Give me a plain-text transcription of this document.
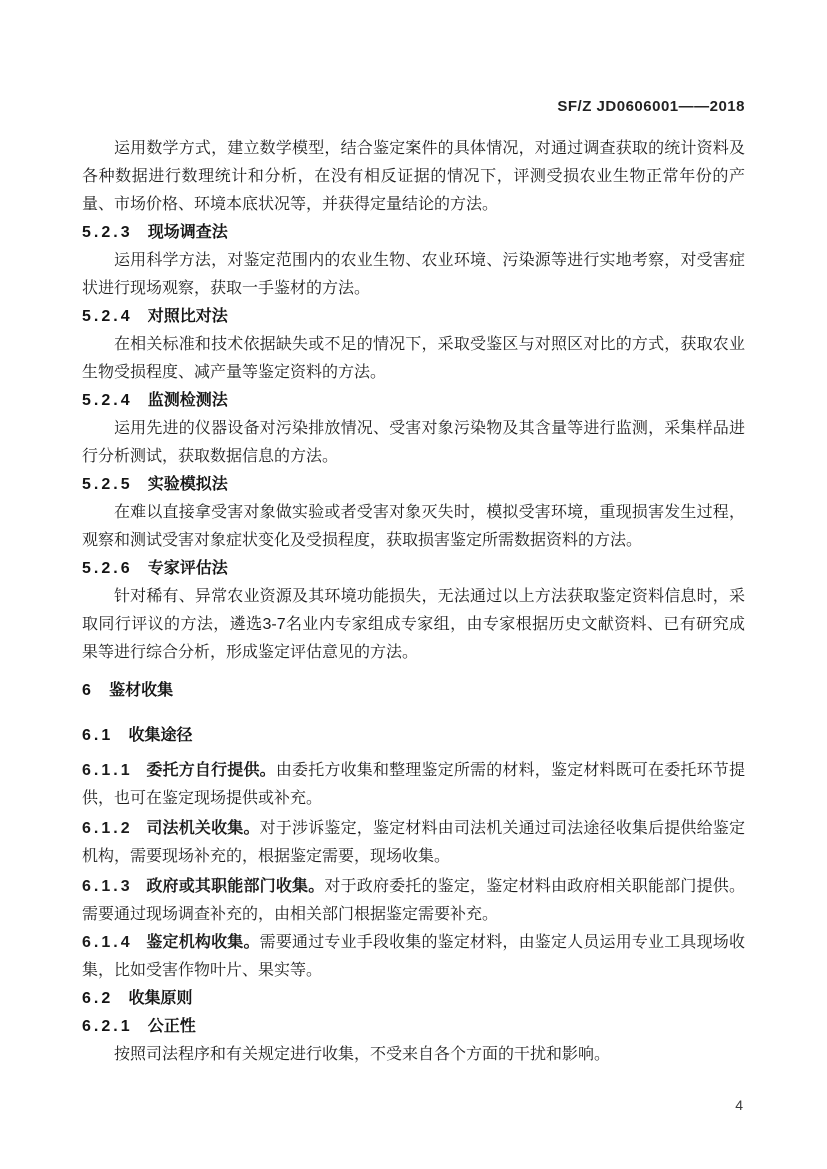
SF/Z JD0606001——2018

运用数学方式，建立数学模型，结合鉴定案件的具体情况，对通过调查获取的统计资料及各种数据进行数理统计和分析，在没有相反证据的情况下，评测受损农业生物正常年份的产量、市场价格、环境本底状况等，并获得定量结论的方法。

5.2.3 现场调查法

运用科学方法，对鉴定范围内的农业生物、农业环境、污染源等进行实地考察，对受害症状进行现场观察，获取一手鉴材的方法。

5.2.4 对照比对法

在相关标准和技术依据缺失或不足的情况下，采取受鉴区与对照区对比的方式，获取农业生物受损程度、减产量等鉴定资料的方法。

5.2.4 监测检测法

运用先进的仪器设备对污染排放情况、受害对象污染物及其含量等进行监测，采集样品进行分析测试，获取数据信息的方法。

5.2.5 实验模拟法

在难以直接拿受害对象做实验或者受害对象灭失时，模拟受害环境，重现损害发生过程，观察和测试受害对象症状变化及受损程度，获取损害鉴定所需数据资料的方法。

5.2.6 专家评估法

针对稀有、异常农业资源及其环境功能损失，无法通过以上方法获取鉴定资料信息时，采取同行评议的方法，遴选3-7名业内专家组成专家组，由专家根据历史文献资料、已有研究成果等进行综合分析，形成鉴定评估意见的方法。

6 鉴材收集
6.1 收集途径

6.1.1 委托方自行提供。由委托方收集和整理鉴定所需的材料，鉴定材料既可在委托环节提供，也可在鉴定现场提供或补充。

6.1.2 司法机关收集。对于涉诉鉴定，鉴定材料由司法机关通过司法途径收集后提供给鉴定机构，需要现场补充的，根据鉴定需要，现场收集。

6.1.3 政府或其职能部门收集。对于政府委托的鉴定，鉴定材料由政府相关职能部门提供。需要通过现场调查补充的，由相关部门根据鉴定需要补充。

6.1.4 鉴定机构收集。需要通过专业手段收集的鉴定材料，由鉴定人员运用专业工具现场收集，比如受害作物叶片、果实等。

6.2 收集原则
6.2.1 公正性

按照司法程序和有关规定进行收集，不受来自各个方面的干扰和影响。

4
